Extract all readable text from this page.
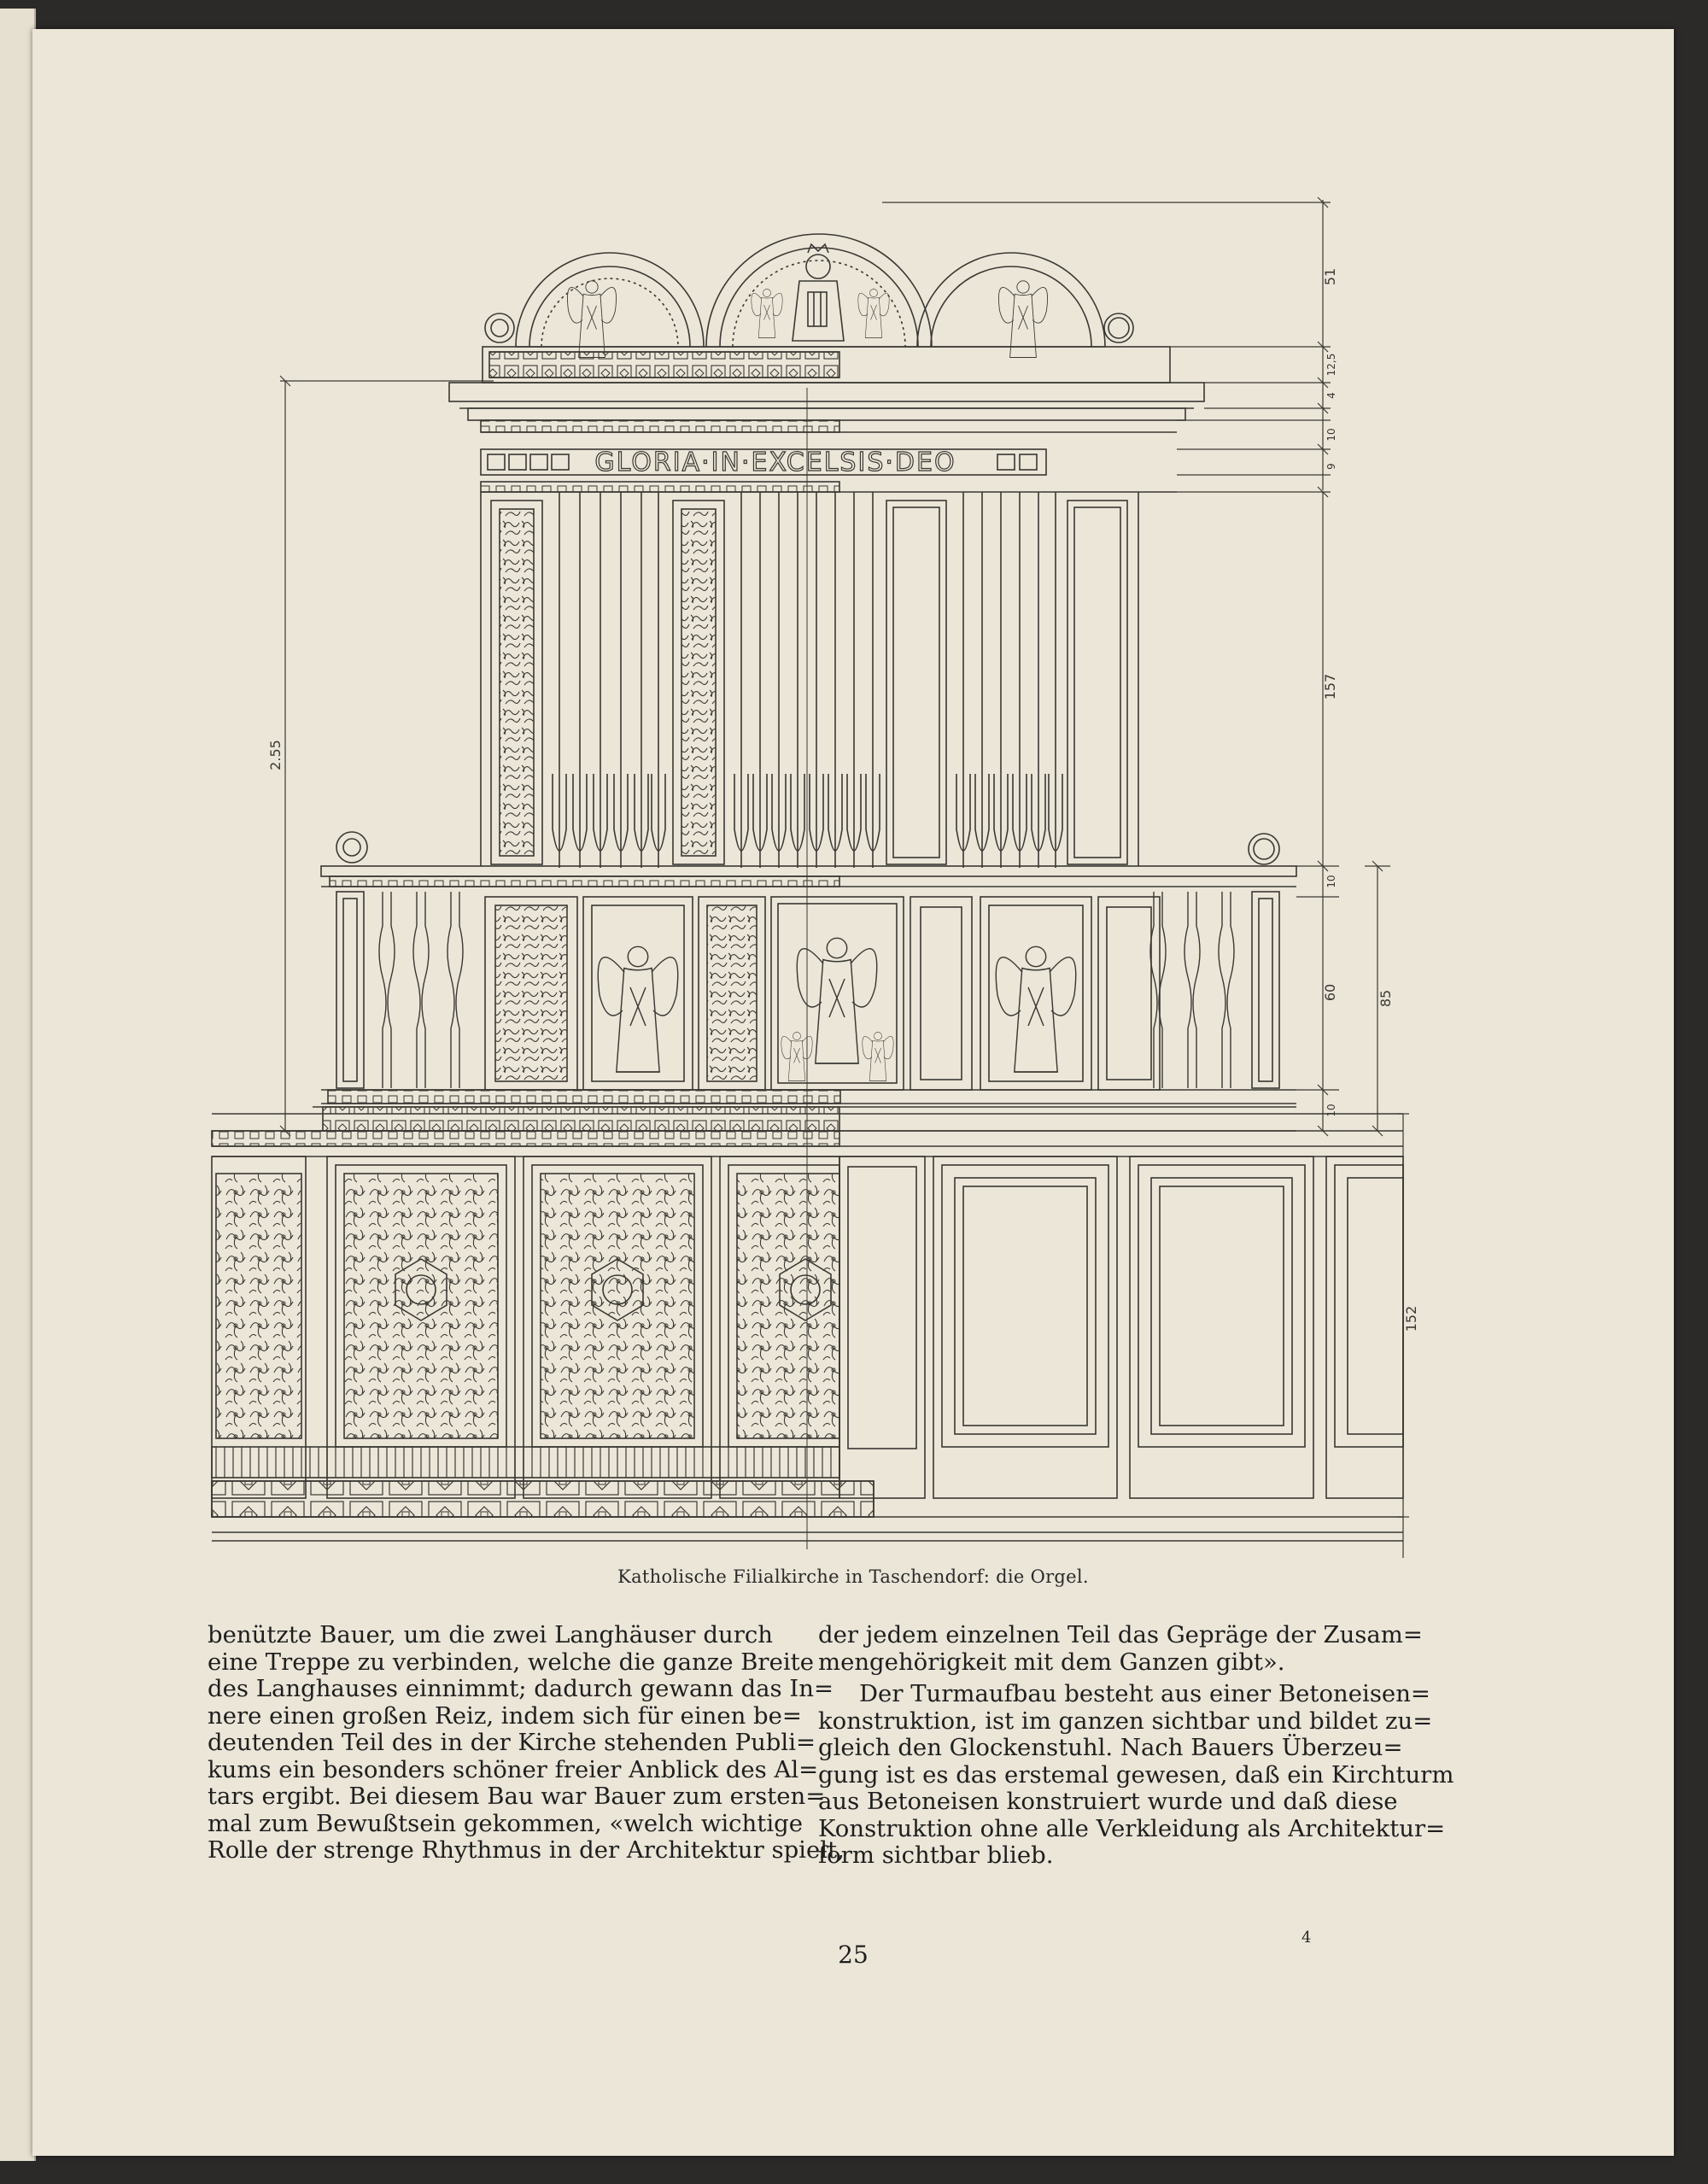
GLORIA·IN·EXCELSIS·DEO
2.55
51
12,5
4
10
9
157
10
60
10
85
152
Katholische Filialkirche in Taschendorf: die Orgel.

benützte Bauer, um die zwei Langhäuser durch
eine Treppe zu verbinden, welche die ganze Breite
des Langhauses einnimmt; dadurch gewann das In=
nere einen großen Reiz, indem sich für einen be=
deutenden Teil des in der Kirche stehenden Publi=
kums ein besonders schöner freier Anblick des Al=
tars ergibt. Bei diesem Bau war Bauer zum ersten=
mal zum Bewußtsein gekommen, «welch wichtige
Rolle der strenge Rhythmus in der Architektur spielt,

der jedem einzelnen Teil das Gepräge der Zusam=
mengehörigkeit mit dem Ganzen gibt».

Der Turmaufbau besteht aus einer Betoneisen=
konstruktion, ist im ganzen sichtbar und bildet zu=
gleich den Glockenstuhl. Nach Bauers Überzeu=
gung ist es das erstemal gewesen, daß ein Kirchturm
aus Betoneisen konstruiert wurde und daß diese
Konstruktion ohne alle Verkleidung als Architektur=
form sichtbar blieb.

4
25
